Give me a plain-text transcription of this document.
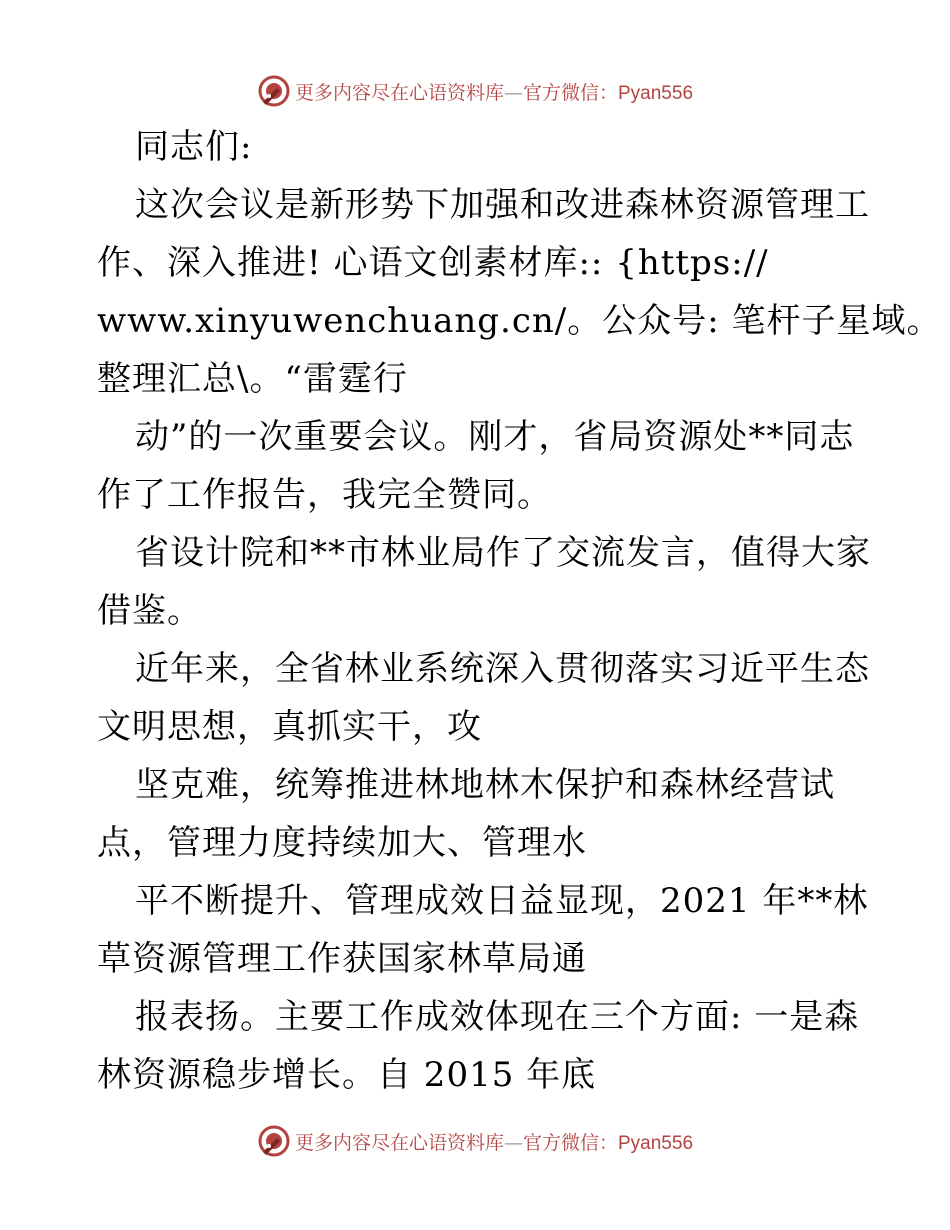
更多内容尽在心语资料库—官方微信：Pyan556
同志们:
这次会议是新形势下加强和改进森林资源管理工
作、深入推进! 心语文创素材库:: {https://
www.xinyuwenchuang.cn/。公众号: 笔杆子星域。
整理汇总\。“雷霆行
动”的一次重要会议。刚才，省局资源处**同志
作了工作报告，我完全赞同。
省设计院和**市林业局作了交流发言，值得大家
借鉴。
近年来，全省林业系统深入贯彻落实习近平生态
文明思想，真抓实干，攻
坚克难，统筹推进林地林木保护和森林经营试
点，管理力度持续加大、管理水
平不断提升、管理成效日益显现，2021 年**林
草资源管理工作获国家林草局通
报表扬。主要工作成效体现在三个方面: 一是森
林资源稳步增长。自 2015 年底
更多内容尽在心语资料库—官方微信：Pyan556
